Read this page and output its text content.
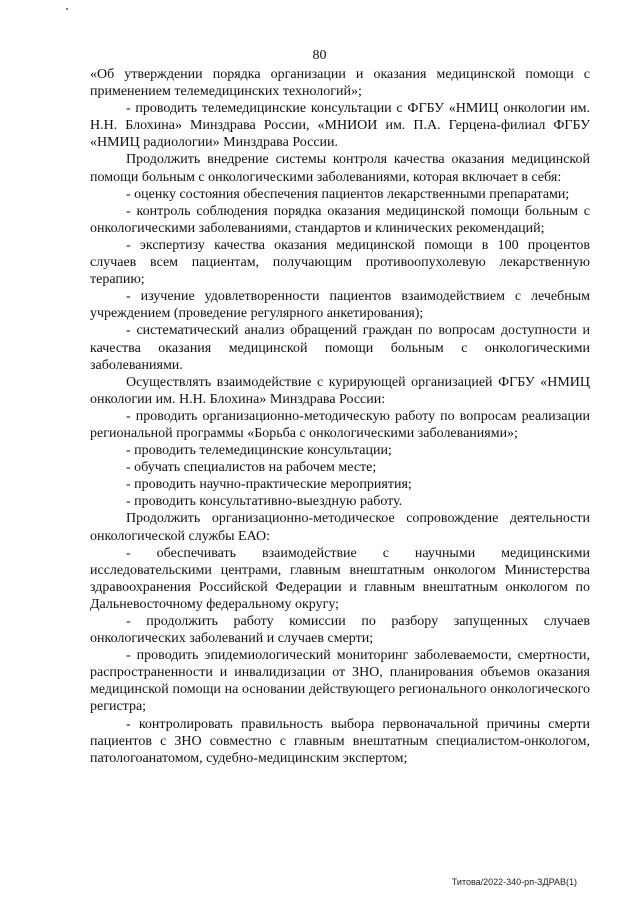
80

«Об утверждении порядка организации и оказания медицинской помощи с применением телемедицинских технологий»;

- проводить телемедицинские консультации с ФГБУ «НМИЦ онкологии им. Н.Н. Блохина» Минздрава России, «МНИОИ им. П.А. Герцена-филиал ФГБУ «НМИЦ радиологии» Минздрава России.

Продолжить внедрение системы контроля качества оказания медицинской помощи больным с онкологическими заболеваниями, которая включает в себя:

- оценку состояния обеспечения пациентов лекарственными препаратами;

- контроль соблюдения порядка оказания медицинской помощи больным с онкологическими заболеваниями, стандартов и клинических рекомендаций;

- экспертизу качества оказания медицинской помощи в 100 процентов случаев всем пациентам, получающим противоопухолевую лекарственную терапию;

- изучение удовлетворенности пациентов взаимодействием с лечебным учреждением (проведение регулярного анкетирования);

- систематический анализ обращений граждан по вопросам доступности и качества оказания медицинской помощи больным с онкологическими заболеваниями.

Осуществлять взаимодействие с курирующей организацией ФГБУ «НМИЦ онкологии им. Н.Н. Блохина» Минздрава России:

- проводить организационно-методическую работу по вопросам реализации региональной программы «Борьба с онкологическими заболеваниями»;

- проводить телемедицинские консультации;

- обучать специалистов на рабочем месте;

- проводить научно-практические мероприятия;

- проводить консультативно-выездную работу.

Продолжить организационно-методическое сопровождение деятельности онкологической службы ЕАО:

- обеспечивать взаимодействие с научными медицинскими исследовательскими центрами, главным внештатным онкологом Министерства здравоохранения Российской Федерации и главным внештатным онкологом по Дальневосточному федеральному округу;

- продолжить работу комиссии по разбору запущенных случаев онкологических заболеваний и случаев смерти;

- проводить эпидемиологический мониторинг заболеваемости, смертности, распространенности и инвалидизации от ЗНО, планирования объемов оказания медицинской помощи на основании действующего регионального онкологического регистра;

- контролировать правильность выбора первоначальной причины смерти пациентов с ЗНО совместно с главным внештатным специалистом-онкологом, патологоанатомом, судебно-медицинским экспертом;

Титова/2022-340-рп-ЗДРАВ(1)
